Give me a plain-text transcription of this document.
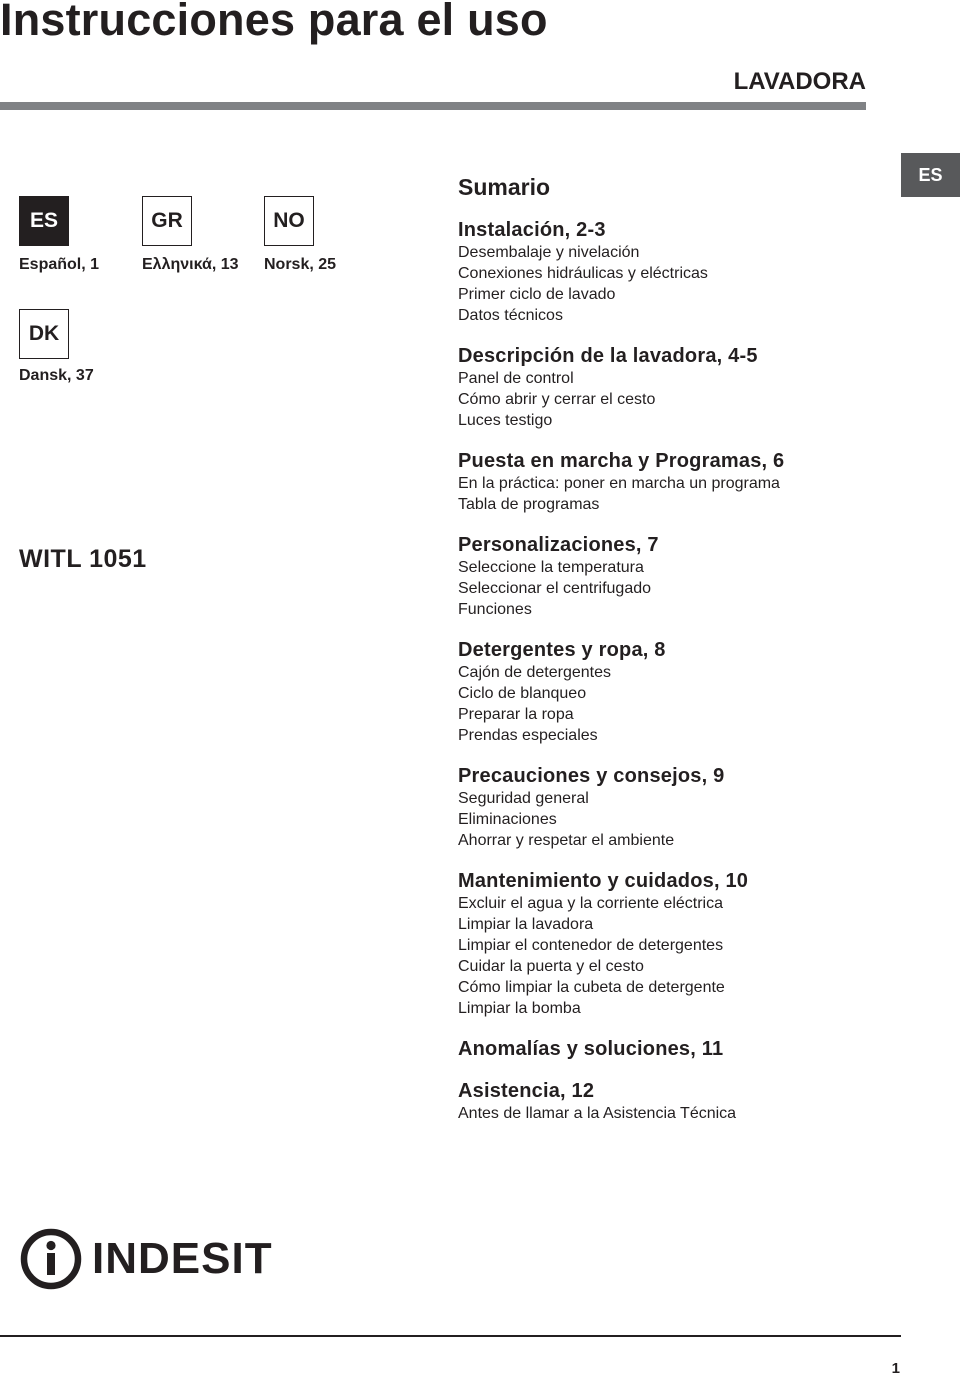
Instrucciones para el uso
LAVADORA
ES
ES
Español, 1
GR
Ελληνικά, 13
NO
Norsk, 25
DK
Dansk, 37
WITL 1051
Sumario
Instalación, 2-3
Desembalaje y nivelación
Conexiones hidráulicas y eléctricas
Primer ciclo de lavado
Datos técnicos
Descripción de la lavadora, 4-5
Panel de control
Cómo abrir y cerrar el cesto
Luces testigo
Puesta en marcha y Programas, 6
En la práctica: poner en marcha un programa
Tabla de programas
Personalizaciones, 7
Seleccione la temperatura
Seleccionar el centrifugado
Funciones
Detergentes y ropa, 8
Cajón de detergentes
Ciclo de blanqueo
Preparar la ropa
Prendas especiales
Precauciones y consejos, 9
Seguridad general
Eliminaciones
Ahorrar y respetar el ambiente
Mantenimiento y cuidados, 10
Excluir el agua y la corriente eléctrica
Limpiar la lavadora
Limpiar el contenedor de detergentes
Cuidar la puerta y el cesto
Cómo limpiar la cubeta de detergente
Limpiar la bomba
Anomalías y soluciones, 11
Asistencia, 12
Antes de llamar a la Asistencia Técnica
INDESIT
1
